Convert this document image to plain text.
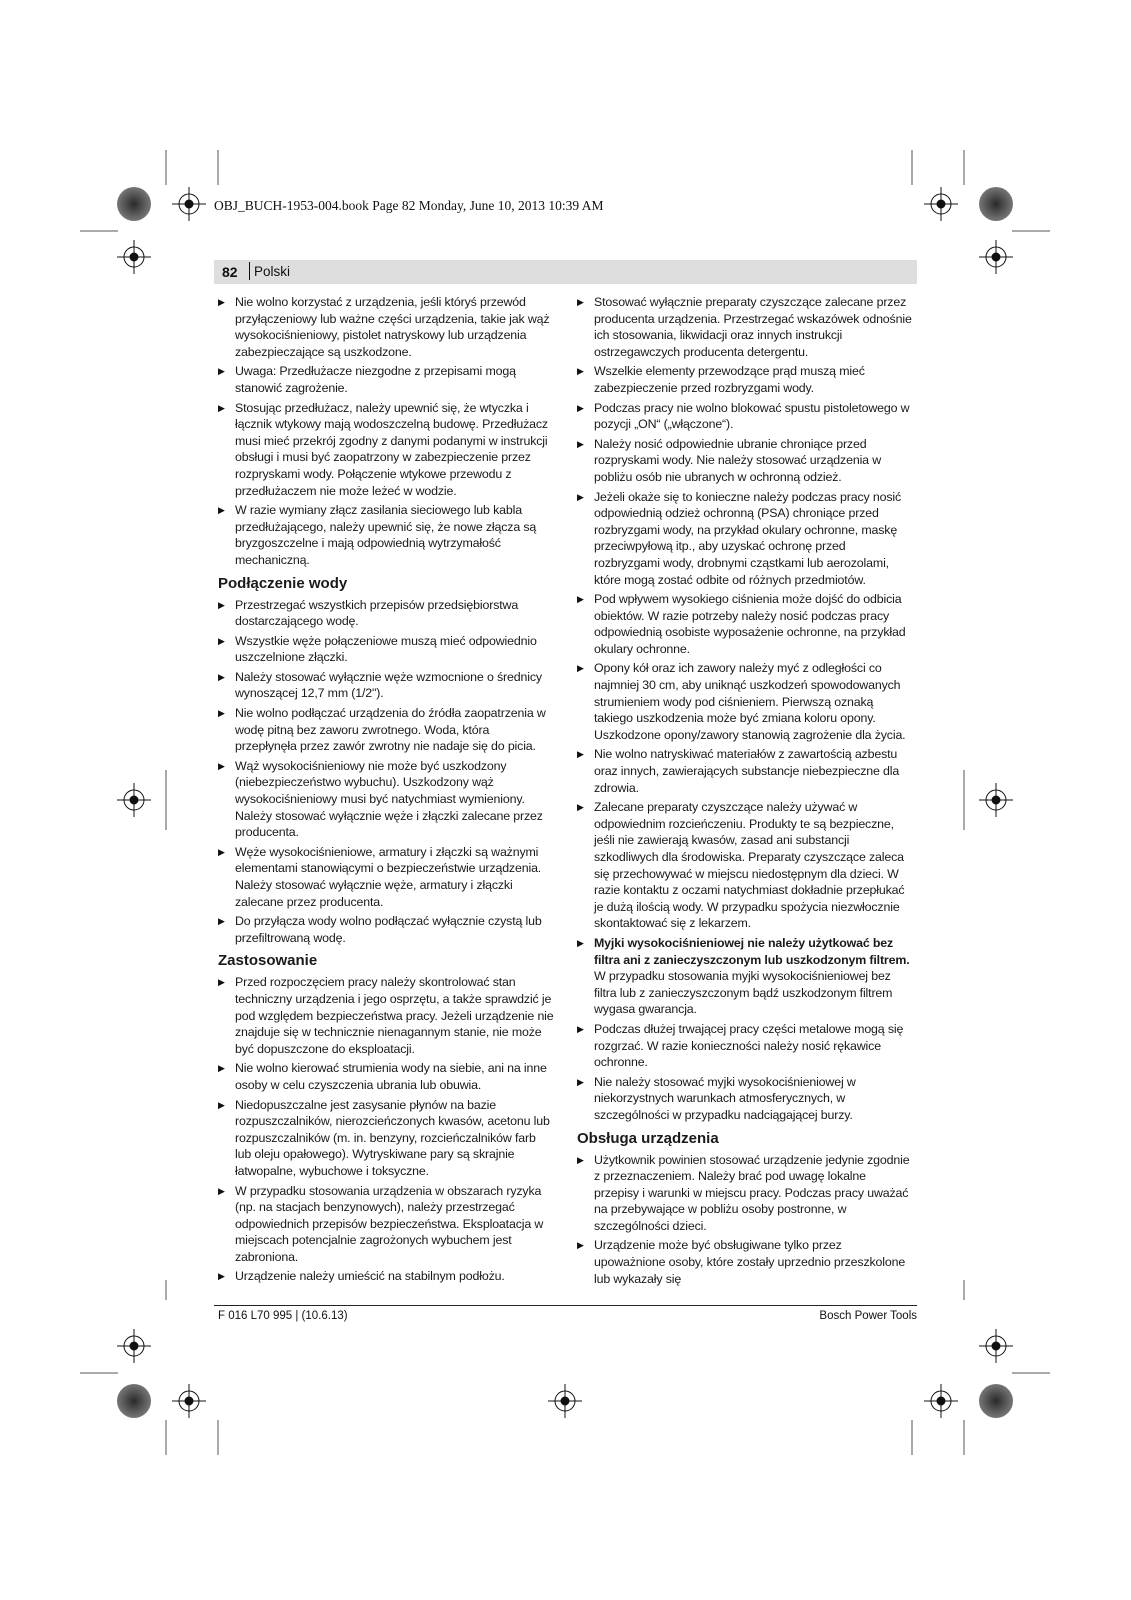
OBJ_BUCH-1953-004.book Page 82 Monday, June 10, 2013 10:39 AM

82 Polski
▶ Nie wolno korzystać z urządzenia, jeśli któryś przewód przyłączeniowy lub ważne części urządzenia, takie jak wąż wysokociśnieniowy, pistolet natryskowy lub urządzenia zabezpieczające są uszkodzone.
▶ Uwaga: Przedłużacze niezgodne z przepisami mogą stanowić zagrożenie.
▶ Stosując przedłużacz, należy upewnić się, że wtyczka i łącznik wtykowy mają wodoszczelną budowę. Przedłużacz musi mieć przekrój zgodny z danymi podanymi w instrukcji obsługi i musi być zaopatrzony w zabezpieczenie przez rozpryskami wody. Połączenie wtykowe przewodu z przedłużaczem nie może leżeć w wodzie.
▶ W razie wymiany złącz zasilania sieciowego lub kabla przedłużającego, należy upewnić się, że nowe złącza są bryzgoszczelne i mają odpowiednią wytrzymałość mechaniczną.
Podłączenie wody
▶ Przestrzegać wszystkich przepisów przedsiębiorstwa dostarczającego wodę.
▶ Wszystkie węże połączeniowe muszą mieć odpowiednio uszczelnione złączki.
▶ Należy stosować wyłącznie węże wzmocnione o średnicy wynoszącej 12,7 mm (1/2").
▶ Nie wolno podłączać urządzenia do źródła zaopatrzenia w wodę pitną bez zaworu zwrotnego. Woda, która przepłynęła przez zawór zwrotny nie nadaje się do picia.
▶ Wąż wysokociśnieniowy nie może być uszkodzony (niebezpieczeństwo wybuchu). Uszkodzony wąż wysokociśnieniowy musi być natychmiast wymieniony. Należy stosować wyłącznie węże i złączki zalecane przez producenta.
▶ Węże wysokociśnieniowe, armatury i złączki są ważnymi elementami stanowiącymi o bezpieczeństwie urządzenia. Należy stosować wyłącznie węże, armatury i złączki zalecane przez producenta.
▶ Do przyłącza wody wolno podłączać wyłącznie czystą lub przefiltrowaną wodę.
Zastosowanie
▶ Przed rozpoczęciem pracy należy skontrolować stan techniczny urządzenia i jego osprzętu, a także sprawdzić je pod względem bezpieczeństwa pracy. Jeżeli urządzenie nie znajduje się w technicznie nienagannym stanie, nie może być dopuszczone do eksploatacji.
▶ Nie wolno kierować strumienia wody na siebie, ani na inne osoby w celu czyszczenia ubrania lub obuwia.
▶ Niedopuszczalne jest zasysanie płynów na bazie rozpuszczalników, nierozcieńczonych kwasów, acetonu lub rozpuszczalników (m. in. benzyny, rozcieńczalników farb lub oleju opałowego). Wytryskiwane pary są skrajnie łatwopalne, wybuchowe i toksyczne.
▶ W przypadku stosowania urządzenia w obszarach ryzyka (np. na stacjach benzynowych), należy przestrzegać odpowiednich przepisów bezpieczeństwa. Eksploatacja w miejscach potencjalnie zagrożonych wybuchem jest zabroniona.
▶ Urządzenie należy umieścić na stabilnym podłożu.
▶ Stosować wyłącznie preparaty czyszczące zalecane przez producenta urządzenia. Przestrzegać wskazówek odnośnie ich stosowania, likwidacji oraz innych instrukcji ostrzegawczych producenta detergentu.
▶ Wszelkie elementy przewodzące prąd muszą mieć zabezpieczenie przed rozbryzgami wody.
▶ Podczas pracy nie wolno blokować spustu pistoletowego w pozycji „ON“ („włączone“).
▶ Należy nosić odpowiednie ubranie chroniące przed rozpryskami wody. Nie należy stosować urządzenia w pobliżu osób nie ubranych w ochronną odzież.
▶ Jeżeli okaże się to konieczne należy podczas pracy nosić odpowiednią odzież ochronną (PSA) chroniące przed rozbryzgami wody, na przykład okulary ochronne, maskę przeciwpyłową itp., aby uzyskać ochronę przed rozbryzgami wody, drobnymi cząstkami lub aerozolami, które mogą zostać odbite od różnych przedmiotów.
▶ Pod wpływem wysokiego ciśnienia może dojść do odbicia obiektów. W razie potrzeby należy nosić podczas pracy odpowiednią osobiste wyposażenie ochronne, na przykład okulary ochronne.
▶ Opony kół oraz ich zawory należy myć z odległości co najmniej 30 cm, aby uniknąć uszkodzeń spowodowanych strumieniem wody pod ciśnieniem. Pierwszą oznaką takiego uszkodzenia może być zmiana koloru opony. Uszkodzone opony/zawory stanowią zagrożenie dla życia.
▶ Nie wolno natryskiwać materiałów z zawartością azbestu oraz innych, zawierających substancje niebezpieczne dla zdrowia.
▶ Zalecane preparaty czyszczące należy używać w odpowiednim rozcieńczeniu. Produkty te są bezpieczne, jeśli nie zawierają kwasów, zasad ani substancji szkodliwych dla środowiska. Preparaty czyszczące zaleca się przechowywać w miejscu niedostępnym dla dzieci. W razie kontaktu z oczami natychmiast dokładnie przepłukać je dużą ilością wody. W przypadku spożycia niezwłocznie skontaktować się z lekarzem.
▶ Myjki wysokociśnieniowej nie należy użytkować bez filtra ani z zanieczyszczonym lub uszkodzonym filtrem.
W przypadku stosowania myjki wysokociśnieniowej bez filtra lub z zanieczyszczonym bądź uszkodzonym filtrem wygasa gwarancja.
▶ Podczas dłużej trwającej pracy części metalowe mogą się rozgrzać. W razie konieczności należy nosić rękawice ochronne.
▶ Nie należy stosować myjki wysokociśnieniowej w niekorzystnych warunkach atmosferycznych, w szczególności w przypadku nadciągającej burzy.
Obsługa urządzenia
▶ Użytkownik powinien stosować urządzenie jedynie zgodnie z przeznaczeniem. Należy brać pod uwagę lokalne przepisy i warunki w miejscu pracy. Podczas pracy uważać na przebywające w pobliżu osoby postronne, w szczególności dzieci.
▶ Urządzenie może być obsługiwane tylko przez upoważnione osoby, które zostały uprzednio przeszkolone lub wykazały się
F 016 L70 995 | (10.6.13)	Bosch Power Tools
